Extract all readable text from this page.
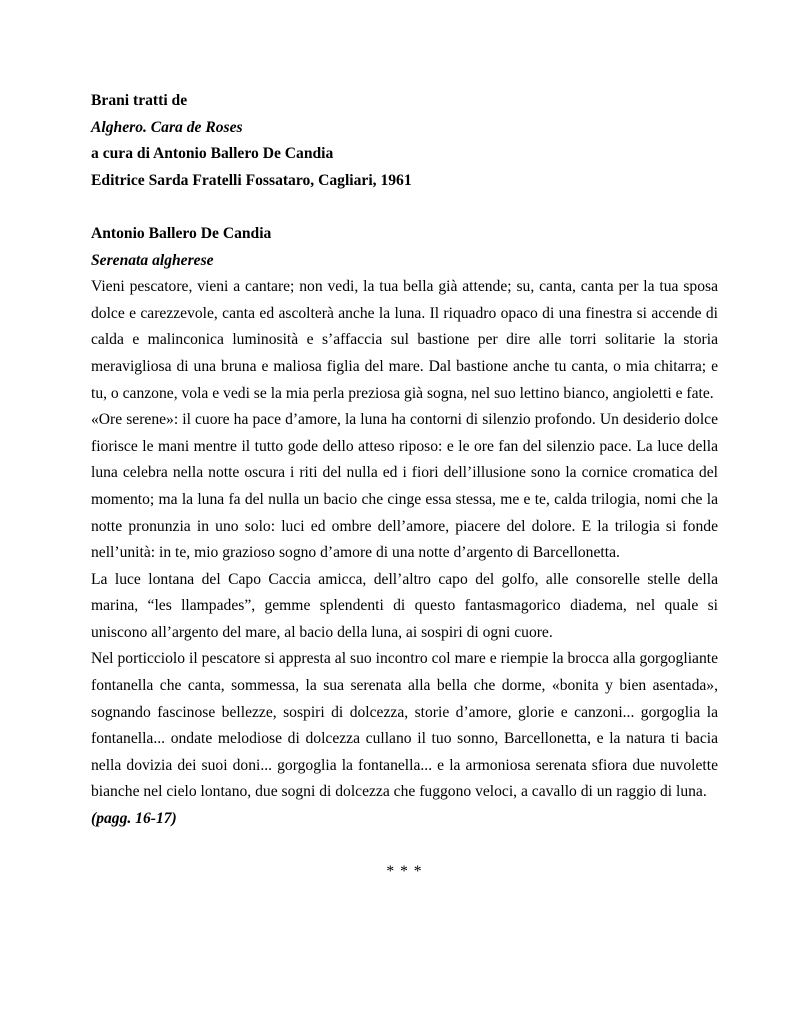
Brani tratti de
Alghero. Cara de Roses
a cura di Antonio Ballero De Candia
Editrice Sarda Fratelli Fossataro, Cagliari, 1961
Antonio Ballero De Candia
Serenata algherese

Vieni pescatore, vieni a cantare; non vedi, la tua bella già attende; su, canta, canta per la tua sposa dolce e carezzevole, canta ed ascolterà anche la luna. Il riquadro opaco di una finestra si accende di calda e malinconica luminosità e s’affaccia sul bastione per dire alle torri solitarie la storia meravigliosa di una bruna e maliosa figlia del mare. Dal bastione anche tu canta, o mia chitarra; e tu, o canzone, vola e vedi se la mia perla preziosa già sogna, nel suo lettino bianco, angioletti e fate.

«Ore serene»: il cuore ha pace d’amore, la luna ha contorni di silenzio profondo. Un desiderio dolce fiorisce le mani mentre il tutto gode dello atteso riposo: e le ore fan del silenzio pace. La luce della luna celebra nella notte oscura i riti del nulla ed i fiori dell’illusione sono la cornice cromatica del momento; ma la luna fa del nulla un bacio che cinge essa stessa, me e te, calda trilogia, nomi che la notte pronunzia in uno solo: luci ed ombre dell’amore, piacere del dolore. E la trilogia si fonde nell’unità: in te, mio grazioso sogno d’amore di una notte d’argento di Barcellonetta.

La luce lontana del Capo Caccia amicca, dell’altro capo del golfo, alle consorelle stelle della marina, “les llampades”, gemme splendenti di questo fantasmagorico diadema, nel quale si uniscono all’argento del mare, al bacio della luna, ai sospiri di ogni cuore.

Nel porticciolo il pescatore si appresta al suo incontro col mare e riempie la brocca alla gorgogliante fontanella che canta, sommessa, la sua serenata alla bella che dorme, «bonita y bien asentada», sognando fascinose bellezze, sospiri di dolcezza, storie d’amore, glorie e canzoni... gorgoglia la fontanella... ondate melodiose di dolcezza cullano il tuo sonno, Barcellonetta, e la natura ti bacia nella dovizia dei suoi doni... gorgoglia la fontanella... e la armoniosa serenata sfiora due nuvolette bianche nel cielo lontano, due sogni di dolcezza che fuggono veloci, a cavallo di un raggio di luna.

(pagg. 16-17)
* * *
